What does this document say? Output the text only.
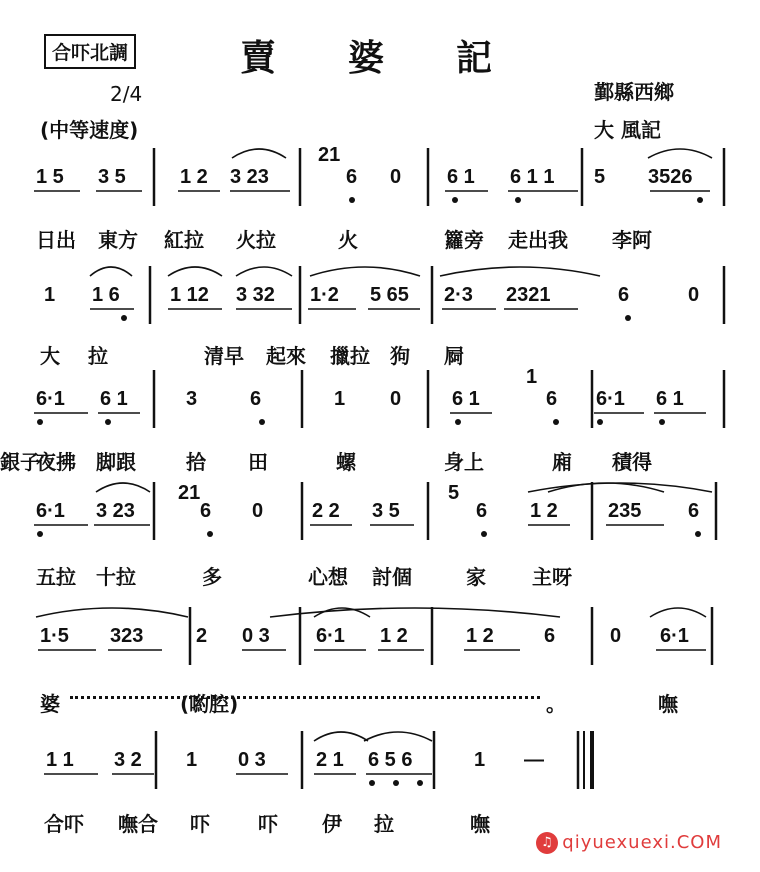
合吓北調	賣婆記
2/4
(中等速度)
鄞縣西鄉
大 風記
1 5 3 5	1 2 3 23
21
6 0 6 1 6 1 1 5 3526
日出 東方 紅拉 火拉	火	籮旁 走出我 李阿
1 1 6	1 12 3 32 1·2 5 65 2·3 2321	6	0
大 拉	清早 起來 擸拉 狗 屙
6·1 6 1	3	6	1 0	6 1
1
6 6·1 6 1
夜拂 脚跟	拾 田	螺	身上	廂 積得
銀子
6·1 3 23
21
6 0 2 2 3 5
5
6 1 2	235 6
五拉 十拉	多	心想 討個	家 主呀
1·5 323	2 0 3 6·1 1 2	1 2	6	0 6·1
婆	(喲腔)	。	嘸
1 1 3 2 1 0 3	2 1 6 5 6	1 —
合吓 嘸合 吓 吓 伊 拉	嘸
♫ qiyuexuexi.COM
